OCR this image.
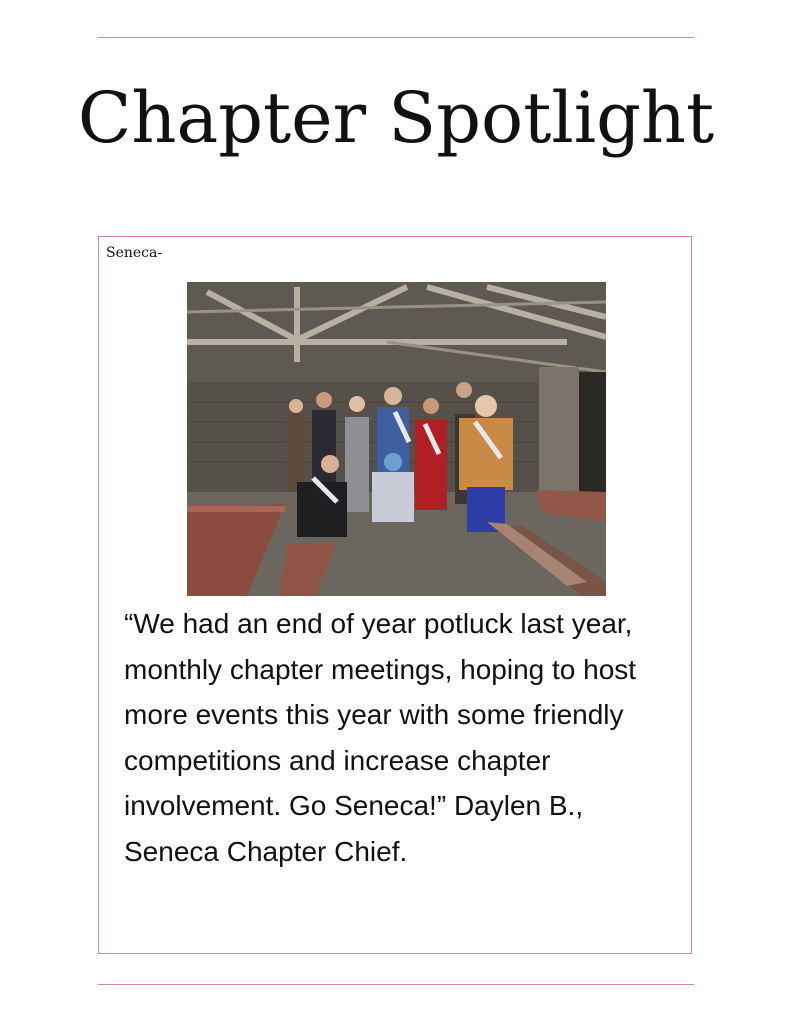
Chapter Spotlight

Seneca-

“We had an end of year potluck last year, monthly chapter meetings, hoping to host more events this year with some friendly competitions and increase chapter involvement. Go Seneca!” Daylen B., Seneca Chapter Chief.
